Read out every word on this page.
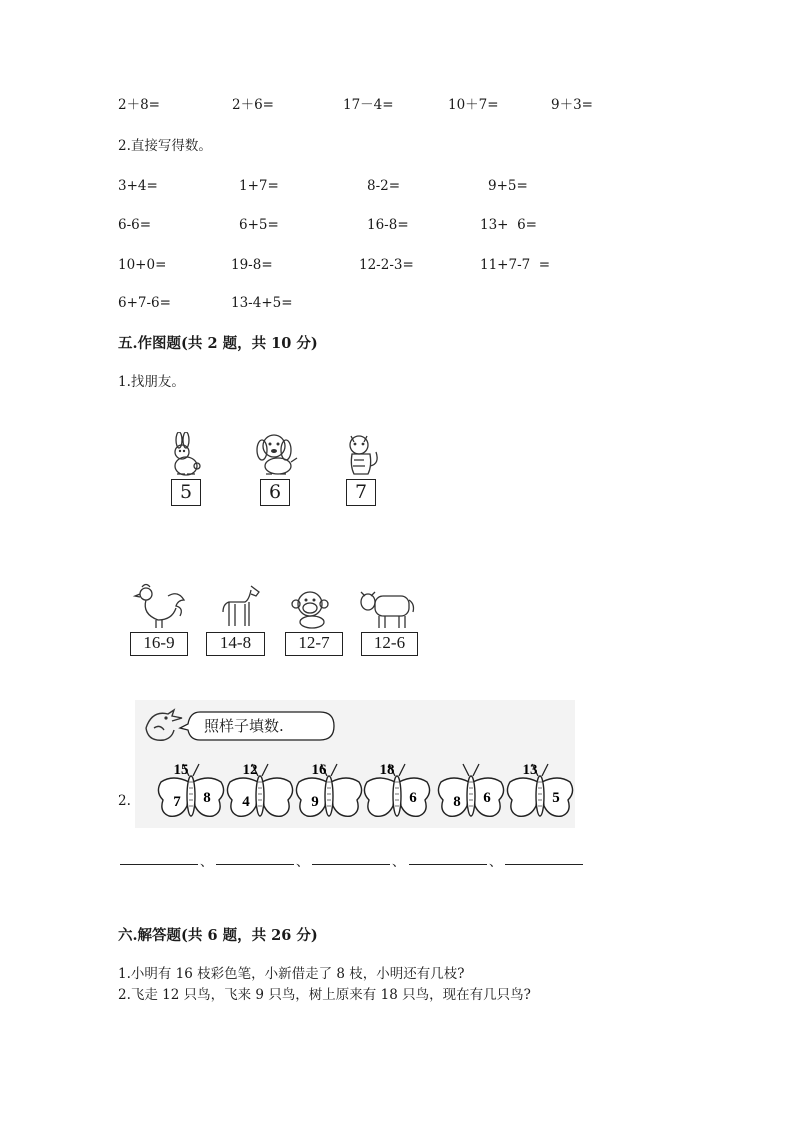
2＋8=	2＋6=	17－4=	10＋7=	9＋3=
2.直接写得数。
3+4=	1+7=	8-2=	9+5=
6-6=	6+5=	16-8=	13+  6=
10+0=	19-8=	12-2-3=	11+7-7  =
6+7-6=	13-4+5=
五.作图题(共 2 题，共 10 分)
1.找朋友。
5	6	7
16-9	14-8	12-7	12-6
2.
照样子填数.
15
7 8
12
4
16
9
18
6 8 6
13
5
、	、	、	、
六.解答题(共 6 题，共 26 分)
1.小明有 16 枝彩色笔，小新借走了 8 枝，小明还有几枝?
2.飞走 12 只鸟，飞来 9 只鸟，树上原来有 18 只鸟，现在有几只鸟?
